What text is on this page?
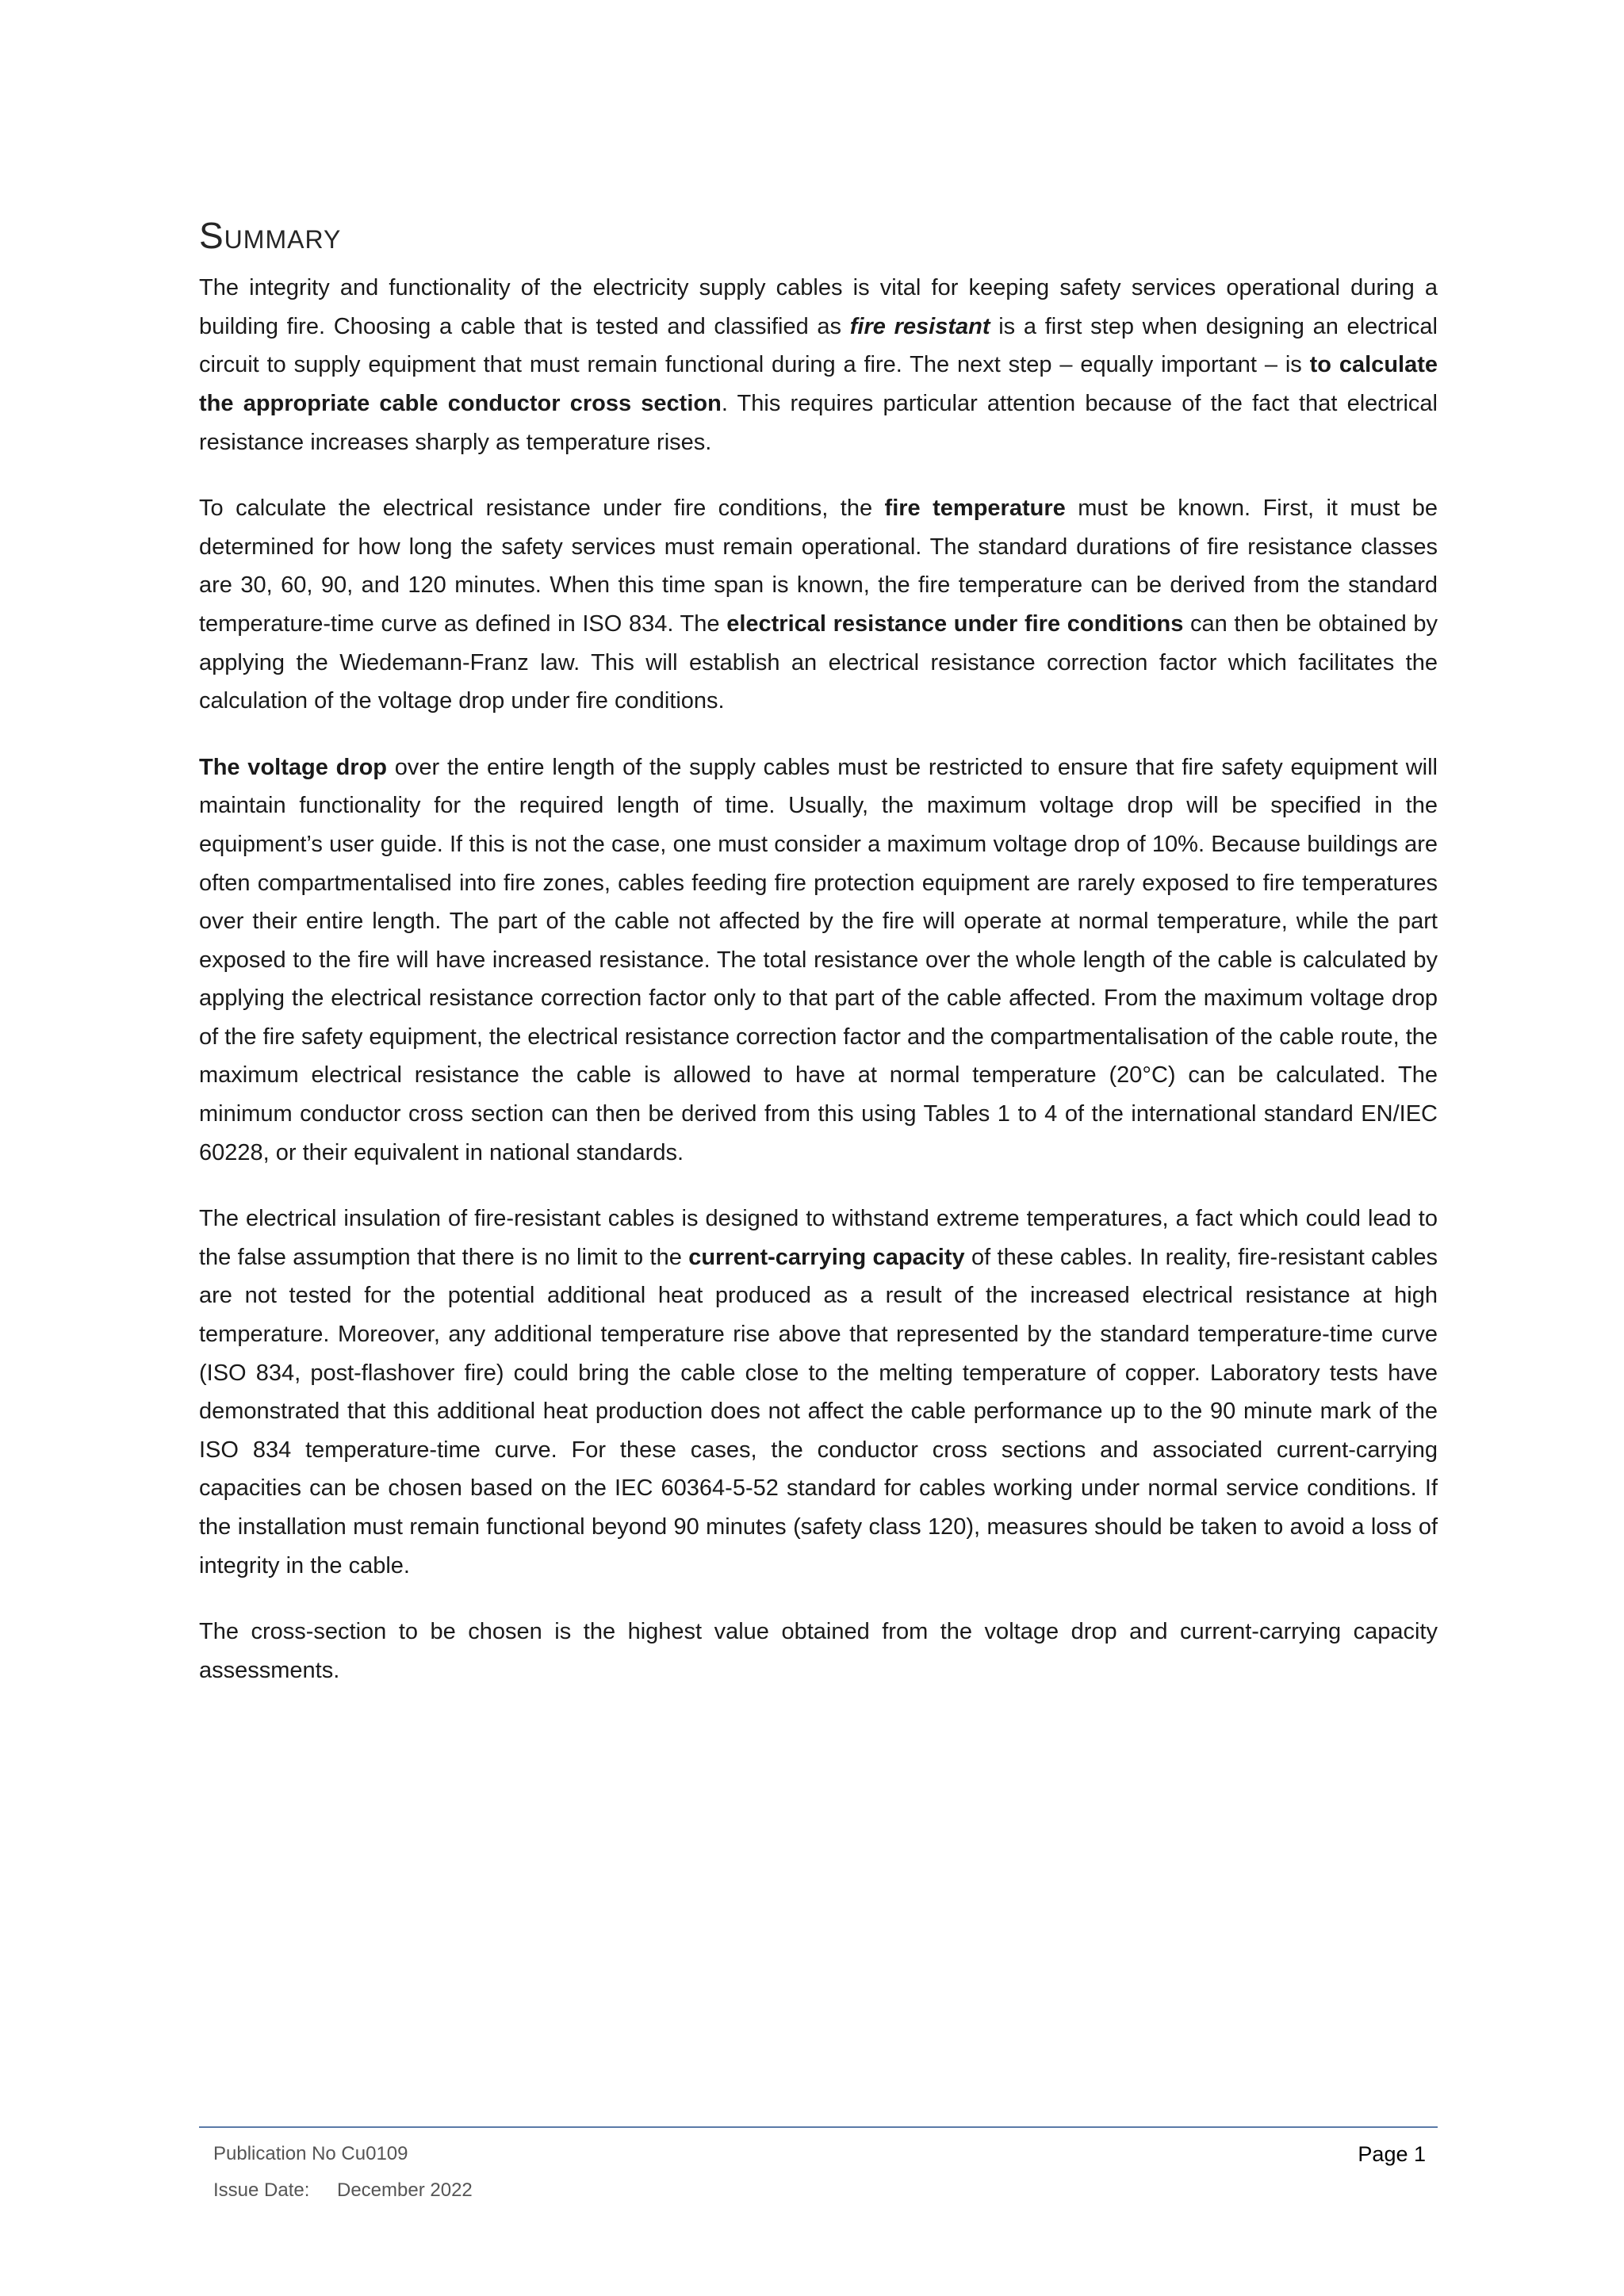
Summary

The integrity and functionality of the electricity supply cables is vital for keeping safety services operational during a building fire. Choosing a cable that is tested and classified as fire resistant is a first step when designing an electrical circuit to supply equipment that must remain functional during a fire. The next step – equally important – is to calculate the appropriate cable conductor cross section. This requires particular attention because of the fact that electrical resistance increases sharply as temperature rises.

To calculate the electrical resistance under fire conditions, the fire temperature must be known. First, it must be determined for how long the safety services must remain operational. The standard durations of fire resistance classes are 30, 60, 90, and 120 minutes. When this time span is known, the fire temperature can be derived from the standard temperature-time curve as defined in ISO 834. The electrical resistance under fire conditions can then be obtained by applying the Wiedemann-Franz law. This will establish an electrical resistance correction factor which facilitates the calculation of the voltage drop under fire conditions.

The voltage drop over the entire length of the supply cables must be restricted to ensure that fire safety equipment will maintain functionality for the required length of time. Usually, the maximum voltage drop will be specified in the equipment’s user guide. If this is not the case, one must consider a maximum voltage drop of 10%. Because buildings are often compartmentalised into fire zones, cables feeding fire protection equipment are rarely exposed to fire temperatures over their entire length. The part of the cable not affected by the fire will operate at normal temperature, while the part exposed to the fire will have increased resistance. The total resistance over the whole length of the cable is calculated by applying the electrical resistance correction factor only to that part of the cable affected. From the maximum voltage drop of the fire safety equipment, the electrical resistance correction factor and the compartmentalisation of the cable route, the maximum electrical resistance the cable is allowed to have at normal temperature (20°C) can be calculated. The minimum conductor cross section can then be derived from this using Tables 1 to 4 of the international standard EN/IEC 60228, or their equivalent in national standards.

The electrical insulation of fire-resistant cables is designed to withstand extreme temperatures, a fact which could lead to the false assumption that there is no limit to the current-carrying capacity of these cables. In reality, fire-resistant cables are not tested for the potential additional heat produced as a result of the increased electrical resistance at high temperature. Moreover, any additional temperature rise above that represented by the standard temperature-time curve (ISO 834, post-flashover fire) could bring the cable close to the melting temperature of copper. Laboratory tests have demonstrated that this additional heat production does not affect the cable performance up to the 90 minute mark of the ISO 834 temperature-time curve. For these cases, the conductor cross sections and associated current-carrying capacities can be chosen based on the IEC 60364-5-52 standard for cables working under normal service conditions. If the installation must remain functional beyond 90 minutes (safety class 120), measures should be taken to avoid a loss of integrity in the cable.

The cross-section to be chosen is the highest value obtained from the voltage drop and current-carrying capacity assessments.

Publication No Cu0109
Issue Date: December 2022
Page 1
